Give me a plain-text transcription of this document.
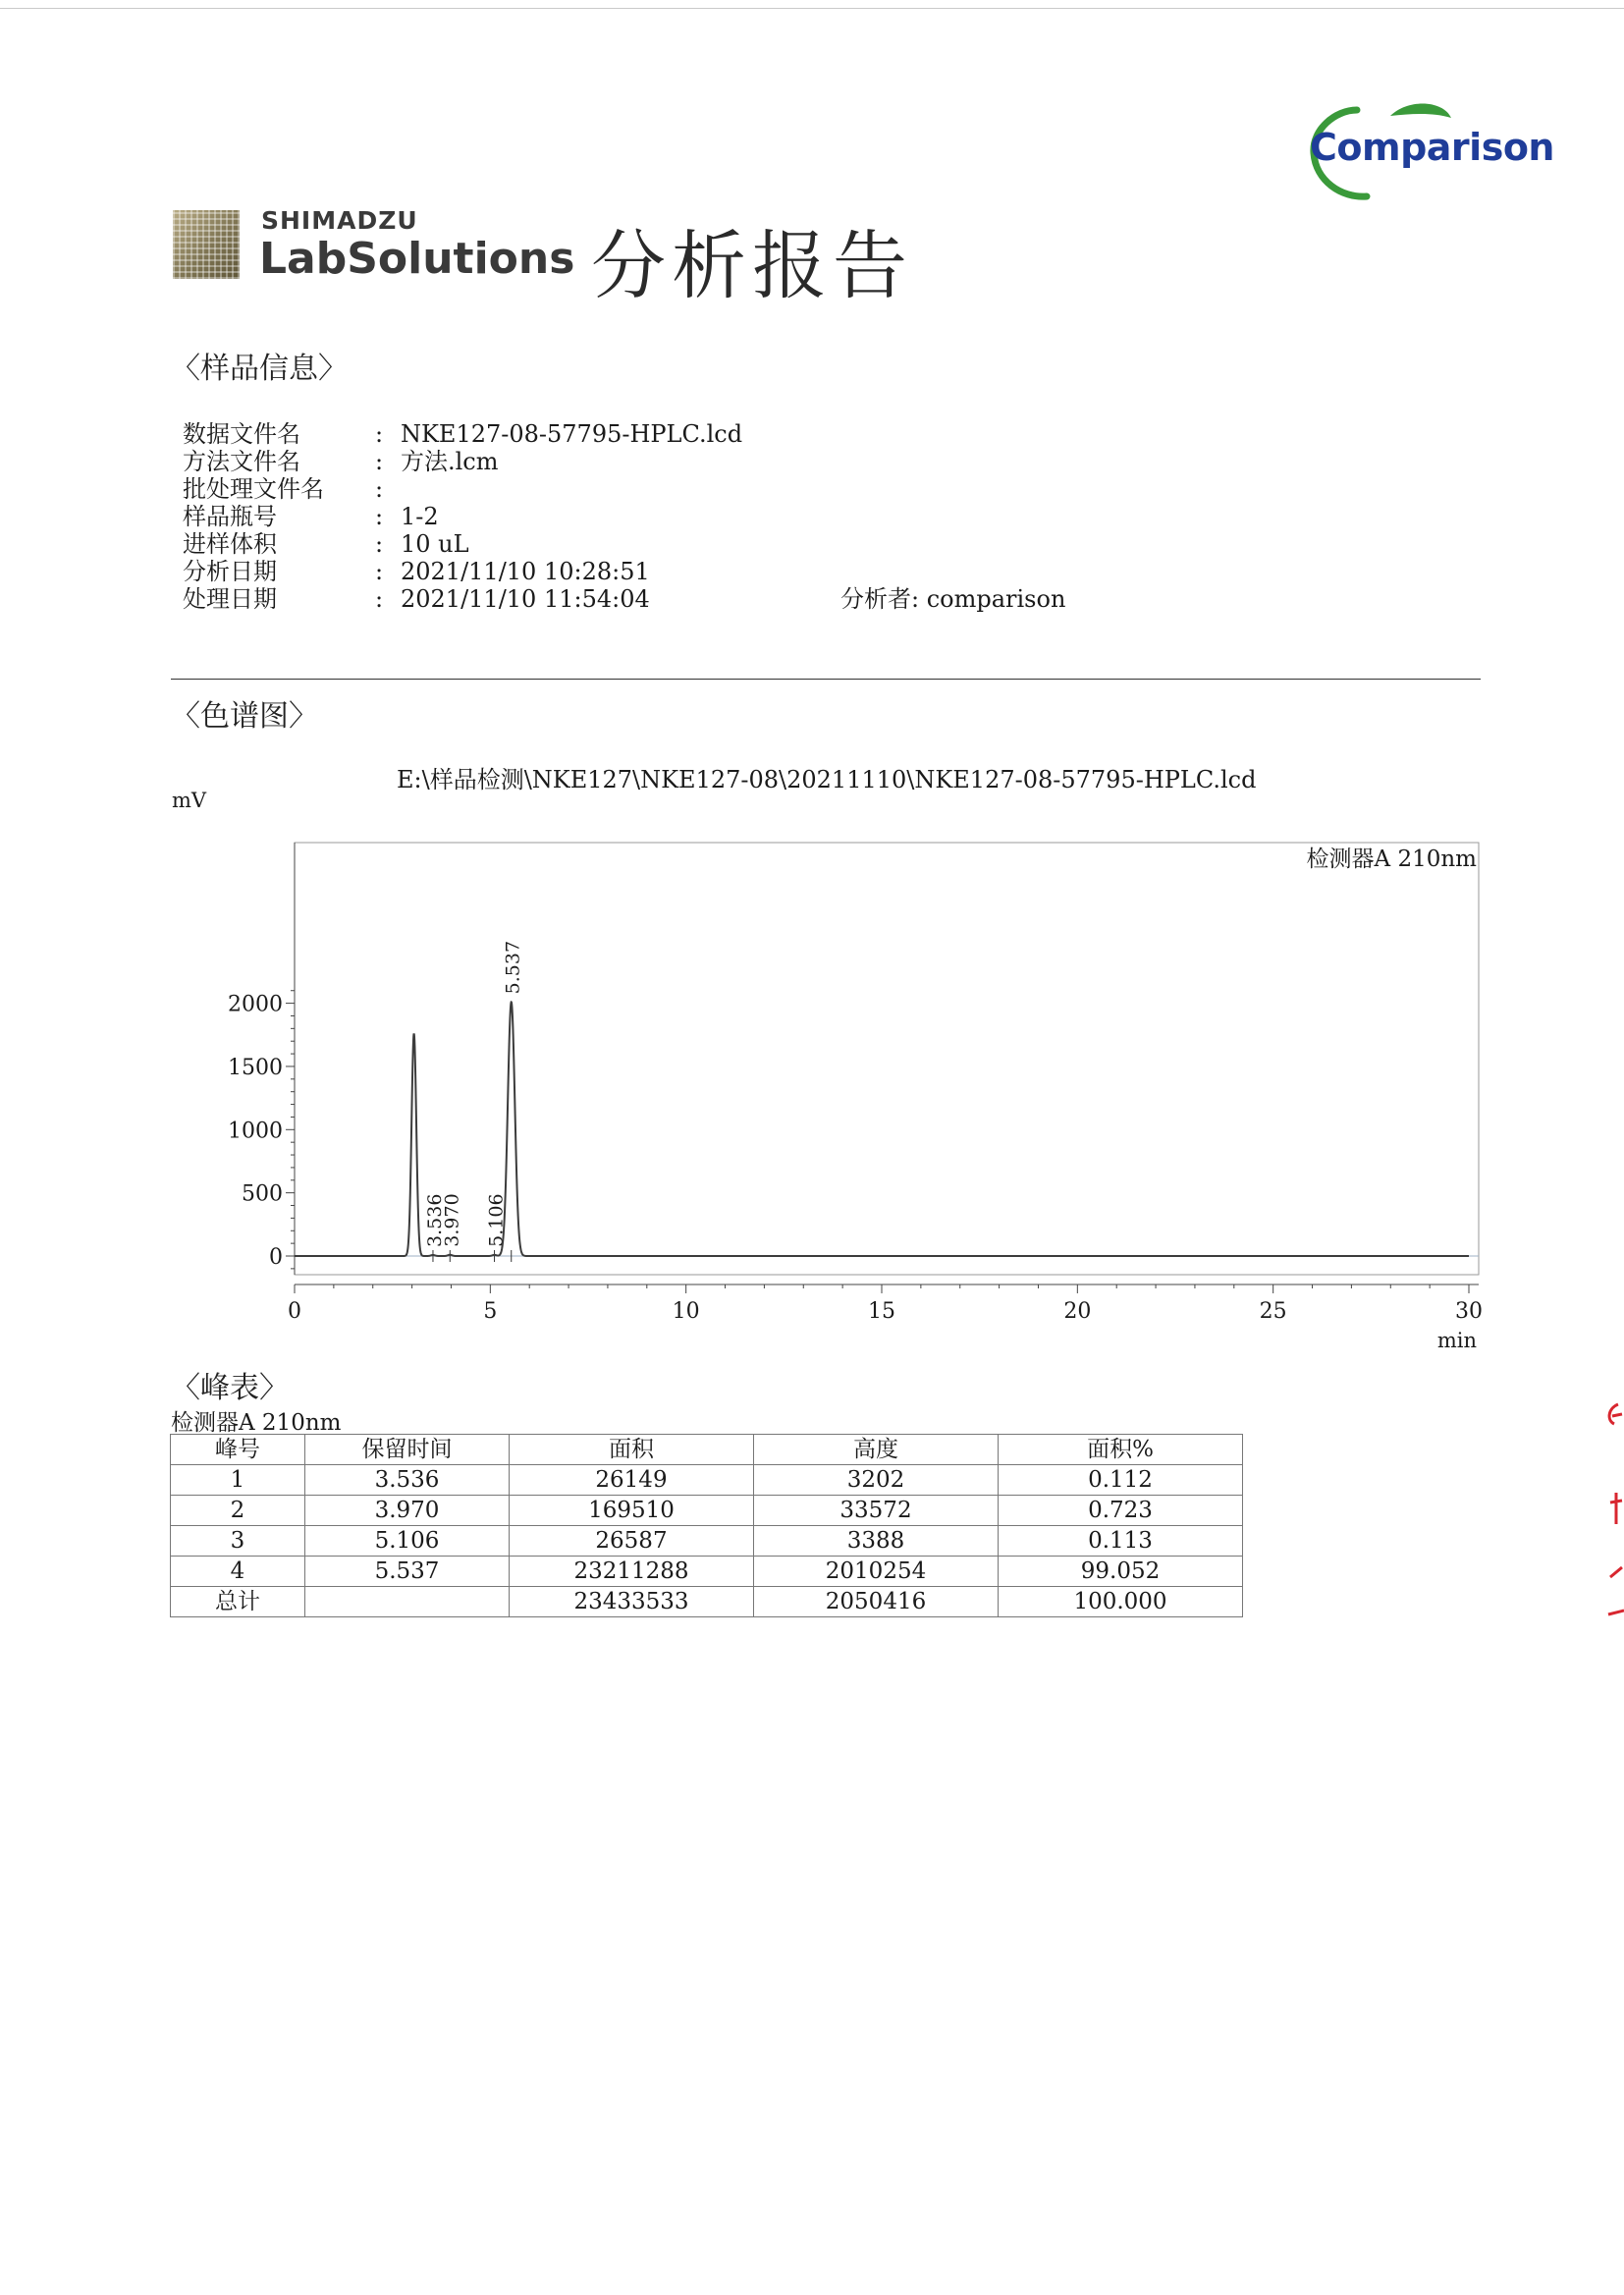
SHIMADZU
LabSolutions 分析报告
Comparison
〈样品信息〉
数据文件名	: NKE127-08-57795-HPLC.lcd
方法文件名	: 方法.lcm
批处理文件名 :
样品瓶号	: 1-2
进样体积	: 10 uL
分析日期	: 2021/11/10 10:28:51
处理日期	: 2021/11/10 11:54:04	分析者: comparison
〈色谱图〉
E:\样品检测\NKE127\NKE127-08\20211110\NKE127-08-57795-HPLC.lcd
mV
0
500
1000
1500
2000
0	5	10	15	20	25	30
3.536
3.970 5.106
5.537
检测器A 210nm
min
〈峰表〉
检测器A 210nm
峰号	保留时间	面积	高度	面积%
1	3.536	26149	3202	0.112
2	3.970	169510	33572	0.723
3	5.106	26587	3388	0.113
4	5.537	23211288	2010254	99.052
总计		23433533	2050416	100.000
